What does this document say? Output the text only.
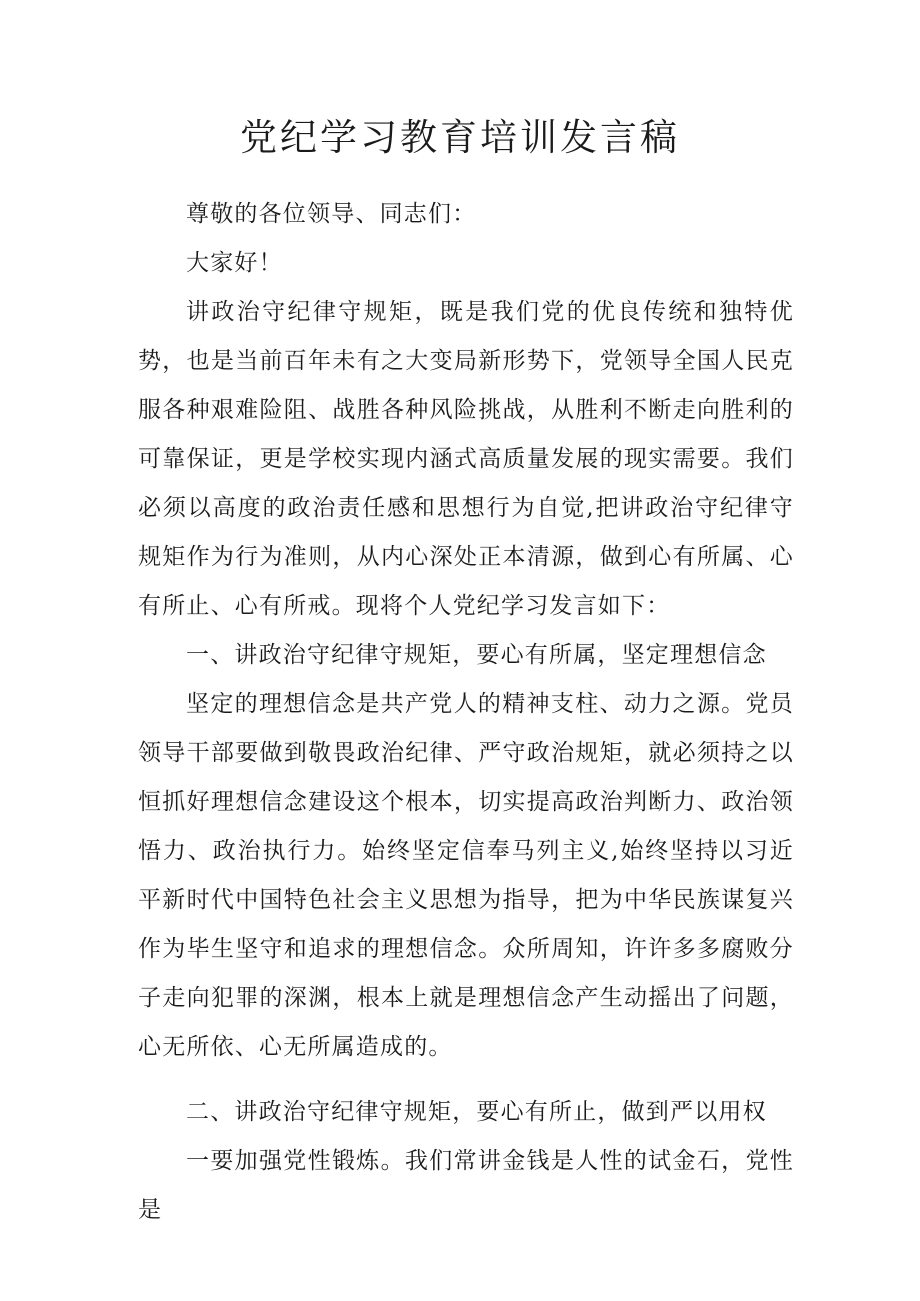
党纪学习教育培训发言稿

尊敬的各位领导、同志们：

大家好！

讲政治守纪律守规矩，既是我们党的优良传统和独特优势，也是当前百年未有之大变局新形势下，党领导全国人民克服各种艰难险阻、战胜各种风险挑战，从胜利不断走向胜利的可靠保证，更是学校实现内涵式高质量发展的现实需要。我们必须以高度的政治责任感和思想行为自觉,把讲政治守纪律守规矩作为行为准则，从内心深处正本清源，做到心有所属、心有所止、心有所戒。现将个人党纪学习发言如下：

一、讲政治守纪律守规矩，要心有所属，坚定理想信念

坚定的理想信念是共产党人的精神支柱、动力之源。党员领导干部要做到敬畏政治纪律、严守政治规矩，就必须持之以恒抓好理想信念建设这个根本，切实提高政治判断力、政治领悟力、政治执行力。始终坚定信奉马列主义,始终坚持以习近平新时代中国特色社会主义思想为指导，把为中华民族谋复兴作为毕生坚守和追求的理想信念。众所周知，许许多多腐败分子走向犯罪的深渊，根本上就是理想信念产生动摇出了问题，心无所依、心无所属造成的。

二、讲政治守纪律守规矩，要心有所止，做到严以用权

一要加强党性锻炼。我们常讲金钱是人性的试金石，党性是
